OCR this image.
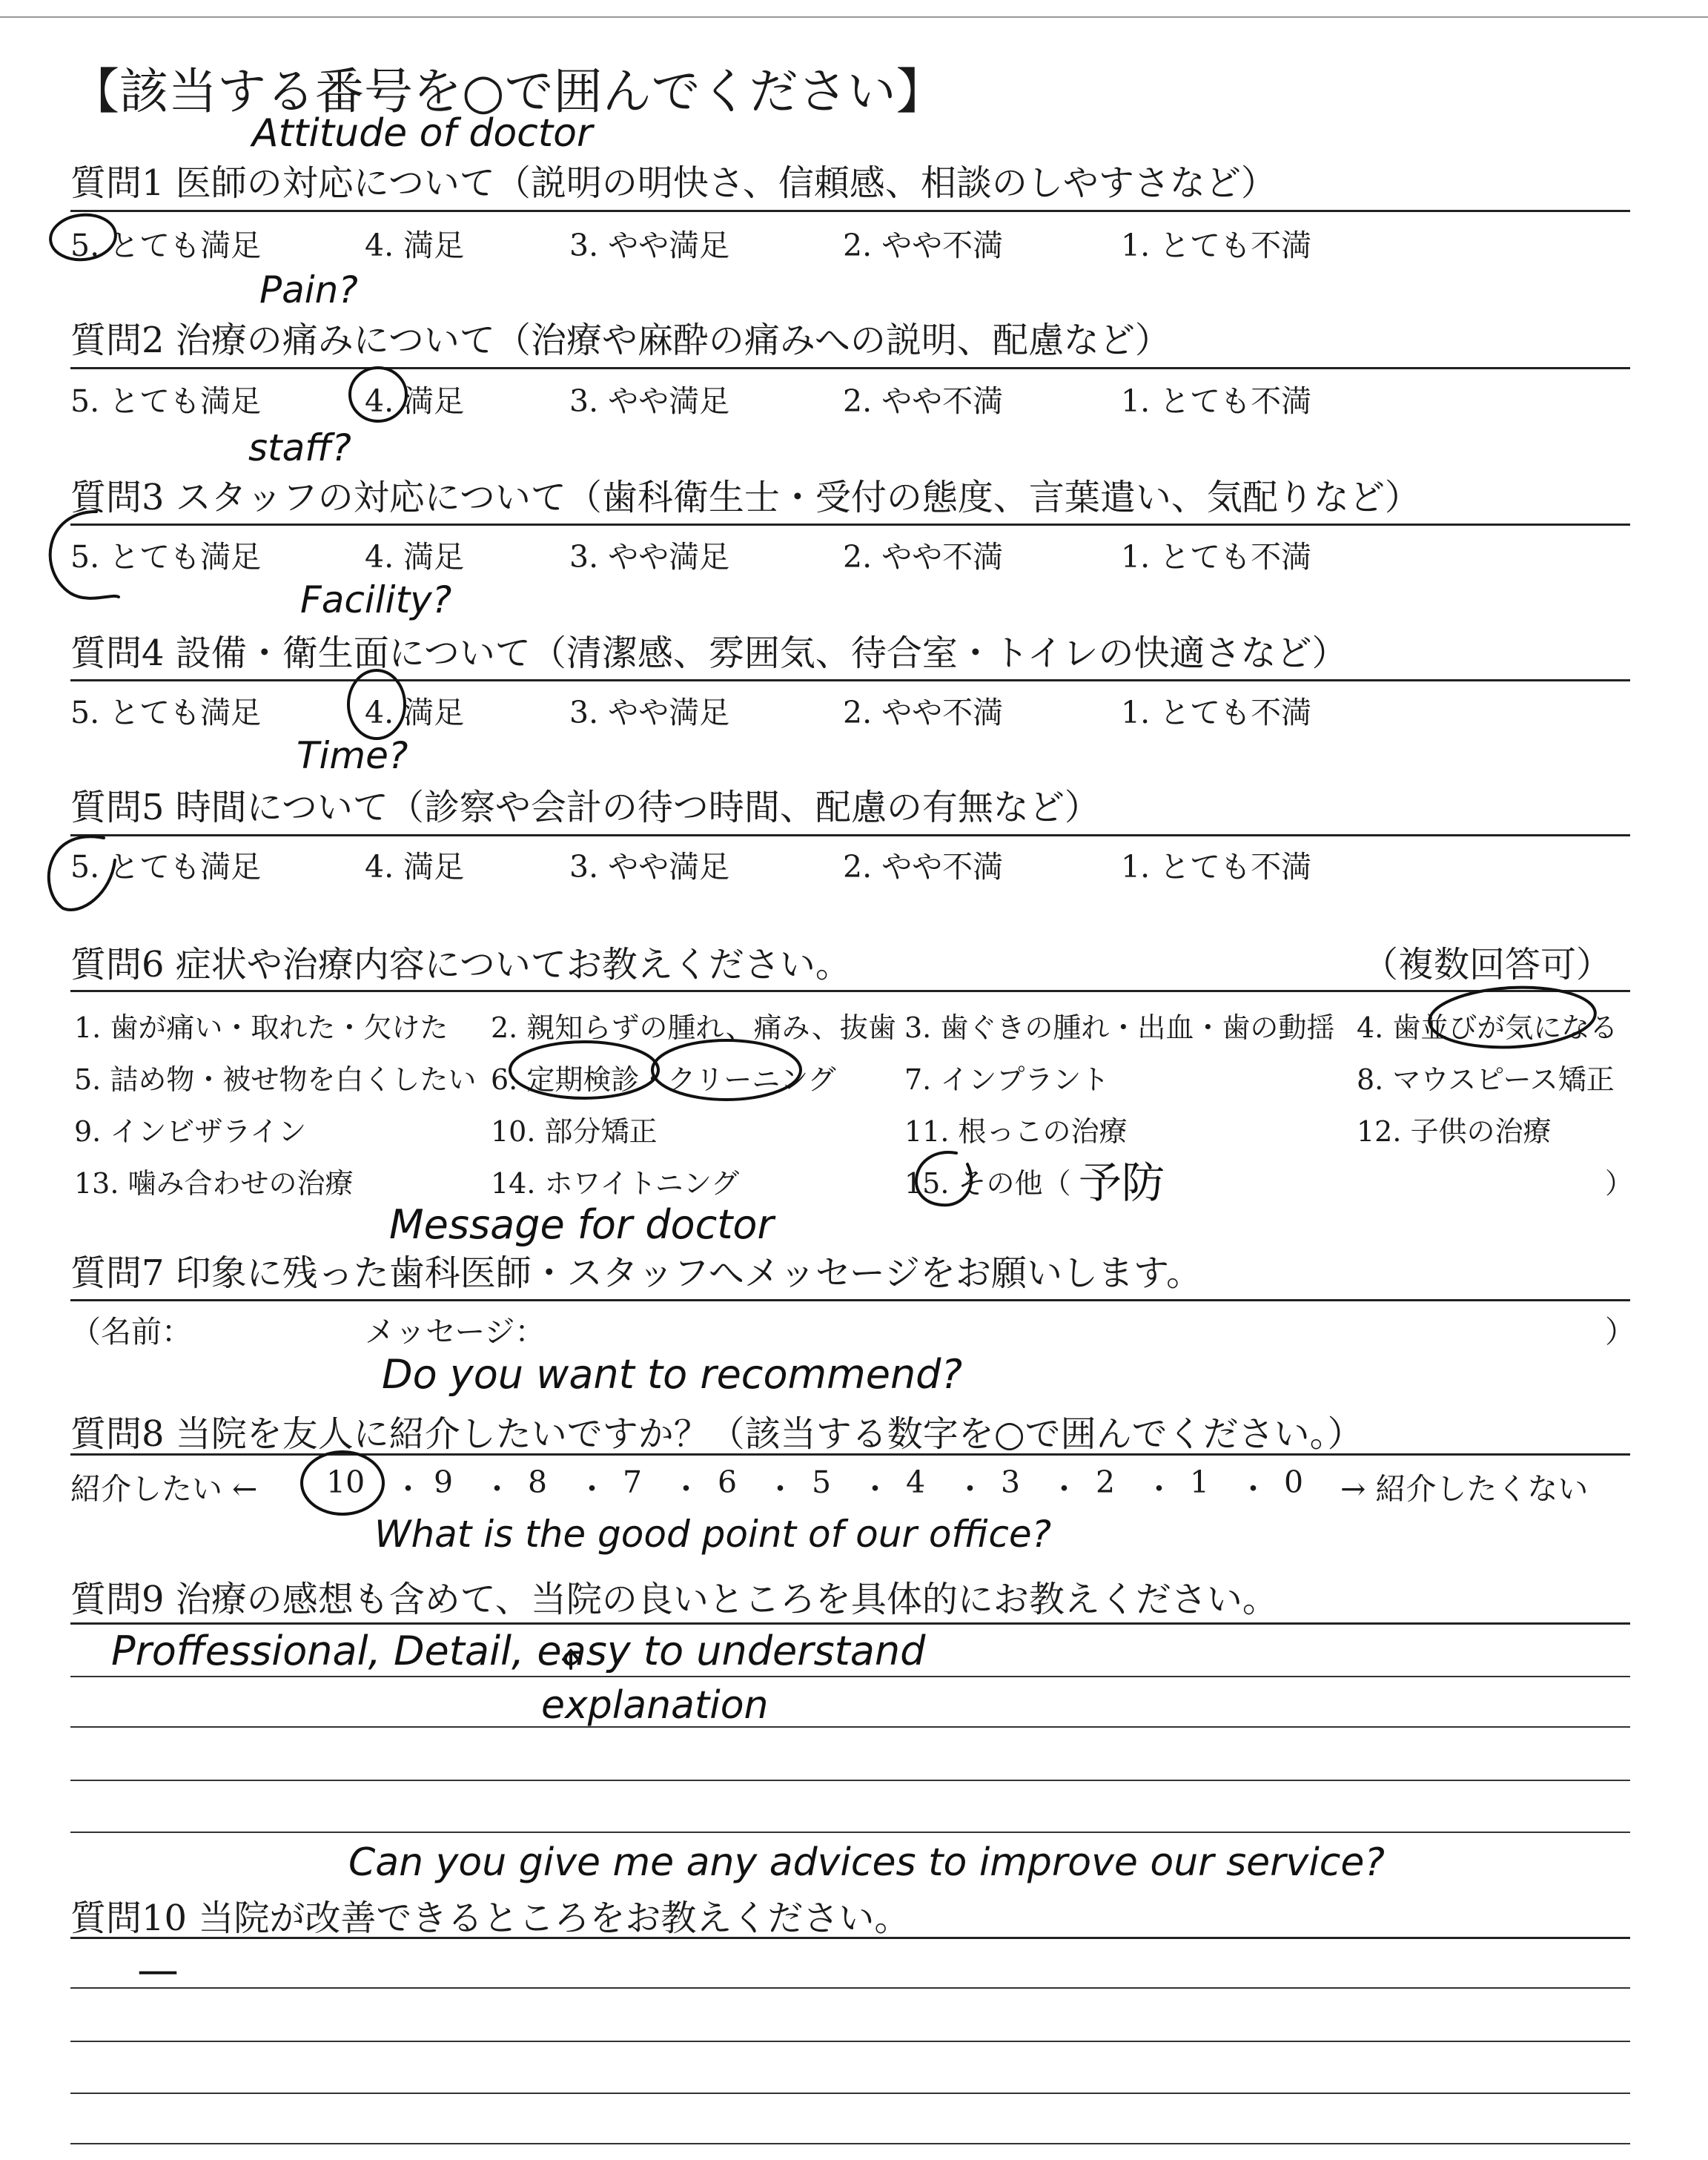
【該当する番号を○で囲んでください】
Attitude of doctor
質問1 医師の対応について（説明の明快さ、信頼感、相談のしやすさなど）
5. とても満足	4. 満足	3. やや満足	2. やや不満	1. とても不満
Pain?
質問2 治療の痛みについて（治療や麻酔の痛みへの説明、配慮など）
5. とても満足	4. 満足	3. やや満足	2. やや不満	1. とても不満
staff?
質問3 スタッフの対応について（歯科衛生士・受付の態度、言葉遣い、気配りなど）
5. とても満足	4. 満足	3. やや満足	2. やや不満	1. とても不満
Facility?
質問4 設備・衛生面について（清潔感、雰囲気、待合室・トイレの快適さなど）
5. とても満足	4. 満足	3. やや満足	2. やや不満	1. とても不満
Time?
質問5 時間について（診察や会計の待つ時間、配慮の有無など）
5. とても満足	4. 満足	3. やや満足	2. やや不満	1. とても不満
質問6 症状や治療内容についてお教えください。	（複数回答可）
1. 歯が痛い・取れた・欠けた 2. 親知らずの腫れ、痛み、抜歯 3. 歯ぐきの腫れ・出血・歯の動揺 4. 歯並びが気になる
5. 詰め物・被せ物を白くしたい 6. 定期検診・クリーニング 7. インプラント	8. マウスピース矯正
9. インビザライン	10. 部分矯正	11. 根っこの治療	12. 子供の治療
13. 噛み合わせの治療	14. ホワイトニング	15. その他（ 予防	）
Message for doctor
質問7 印象に残った歯科医師・スタッフへメッセージをお願いします。
（名前：	メッセージ：	）
Do you want to recommend?
質問8 当院を友人に紹介したいですか？（該当する数字を○で囲んでください。）
紹介したい ← 10 ・ 9 ・ 8 ・ 7 ・ 6 ・ 5 ・ 4 ・ 3 ・ 2 ・ 1 ・ 0 → 紹介したくない
What is the good point of our office?
質問9 治療の感想も含めて、当院の良いところを具体的にお教えください。
Proffessional, Detail, easy to understand
explanation
Can you give me any advices to improve our service?
質問10 当院が改善できるところをお教えください。
—
